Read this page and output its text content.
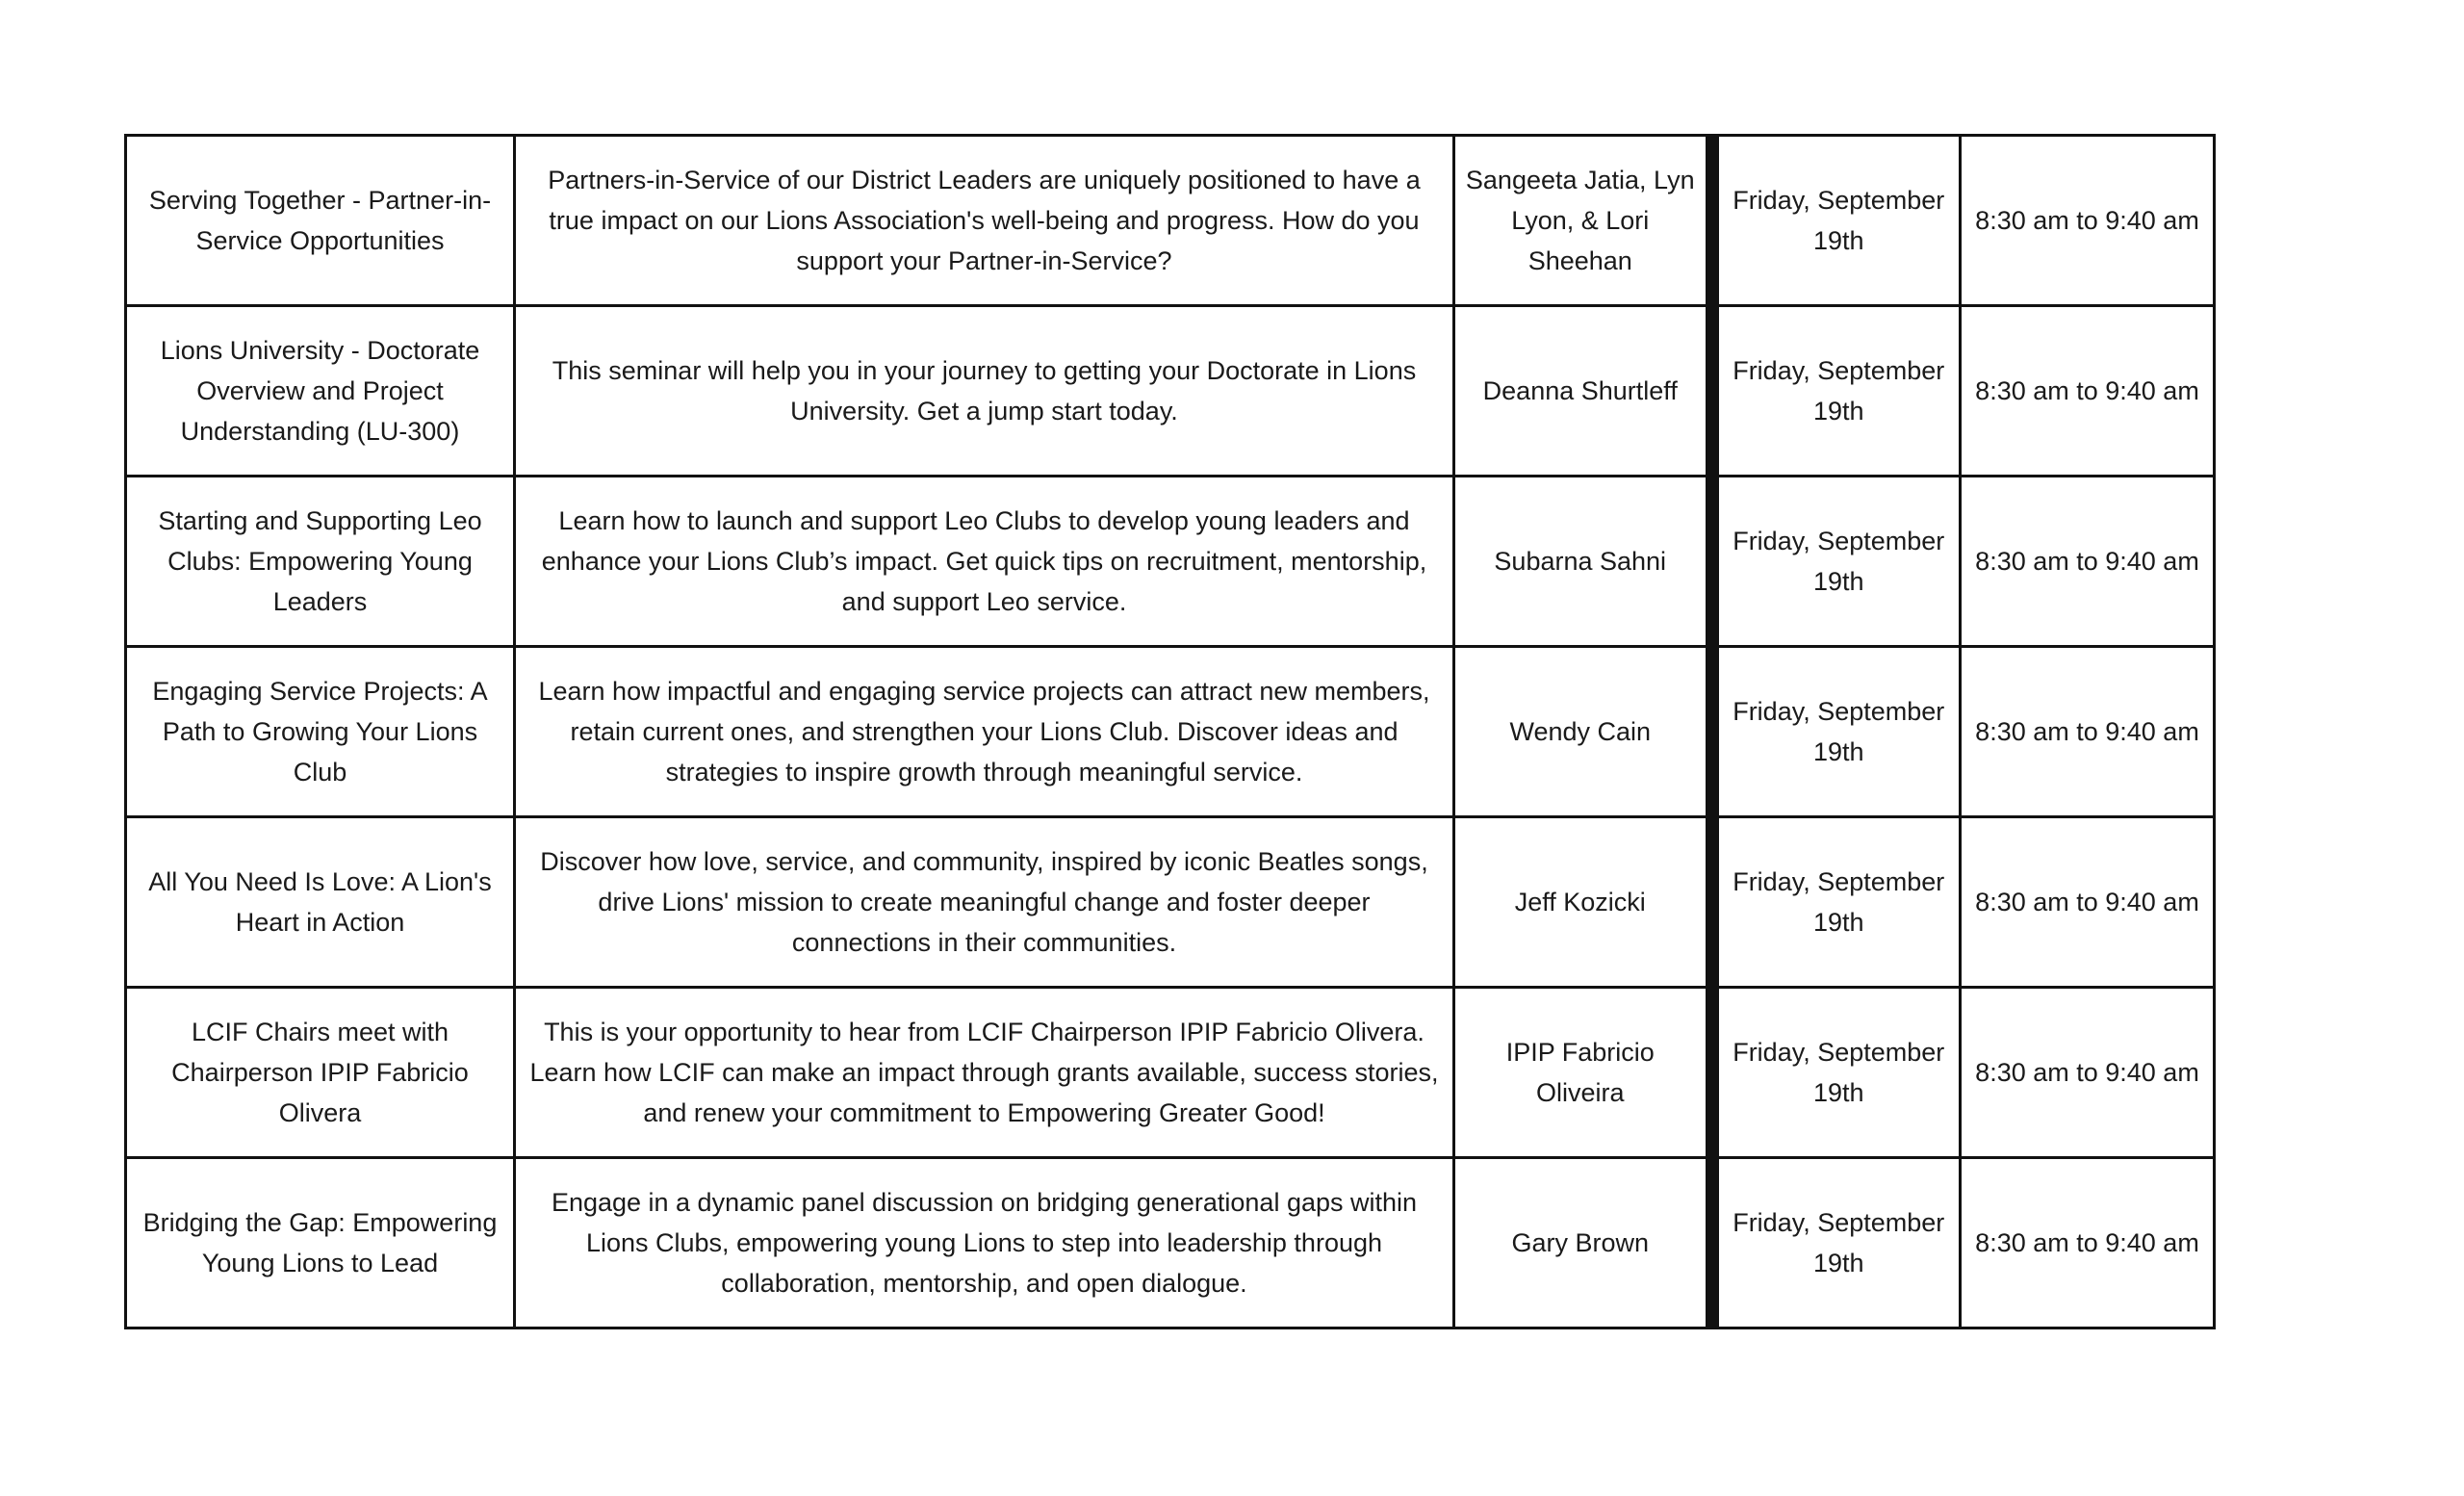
Serving Together - Partner-in-Service Opportunities	Partners-in-Service of our District Leaders are uniquely positioned to have a true impact on our Lions Association's well-being and progress. How do you support your Partner-in-Service?	Sangeeta Jatia, Lyn Lyon, & Lori Sheehan	Friday, September 19th	8:30 am to 9:40 am
Lions University - Doctorate Overview and Project Understanding (LU-300)	This seminar will help you in your journey to getting your Doctorate in Lions University. Get a jump start today.	Deanna Shurtleff	Friday, September 19th	8:30 am to 9:40 am
Starting and Supporting Leo Clubs: Empowering Young Leaders	Learn how to launch and support Leo Clubs to develop young leaders and enhance your Lions Club’s impact. Get quick tips on recruitment, mentorship, and support Leo service.	Subarna Sahni	Friday, September 19th	8:30 am to 9:40 am
Engaging Service Projects: A Path to Growing Your Lions Club	Learn how impactful and engaging service projects can attract new members, retain current ones, and strengthen your Lions Club. Discover ideas and strategies to inspire growth through meaningful service.	Wendy Cain	Friday, September 19th	8:30 am to 9:40 am
All You Need Is Love: A Lion's Heart in Action	Discover how love, service, and community, inspired by iconic Beatles songs, drive Lions' mission to create meaningful change and foster deeper connections in their communities.	Jeff Kozicki	Friday, September 19th	8:30 am to 9:40 am
LCIF Chairs meet with Chairperson IPIP Fabricio Olivera	This is your opportunity to hear from LCIF Chairperson IPIP Fabricio Olivera. Learn how LCIF can make an impact through grants available, success stories, and renew your commitment to Empowering Greater Good!	IPIP Fabricio Oliveira	Friday, September 19th	8:30 am to 9:40 am
Bridging the Gap: Empowering Young Lions to Lead	Engage in a dynamic panel discussion on bridging generational gaps within Lions Clubs, empowering young Lions to step into leadership through collaboration, mentorship, and open dialogue.	Gary Brown	Friday, September 19th	8:30 am to 9:40 am
